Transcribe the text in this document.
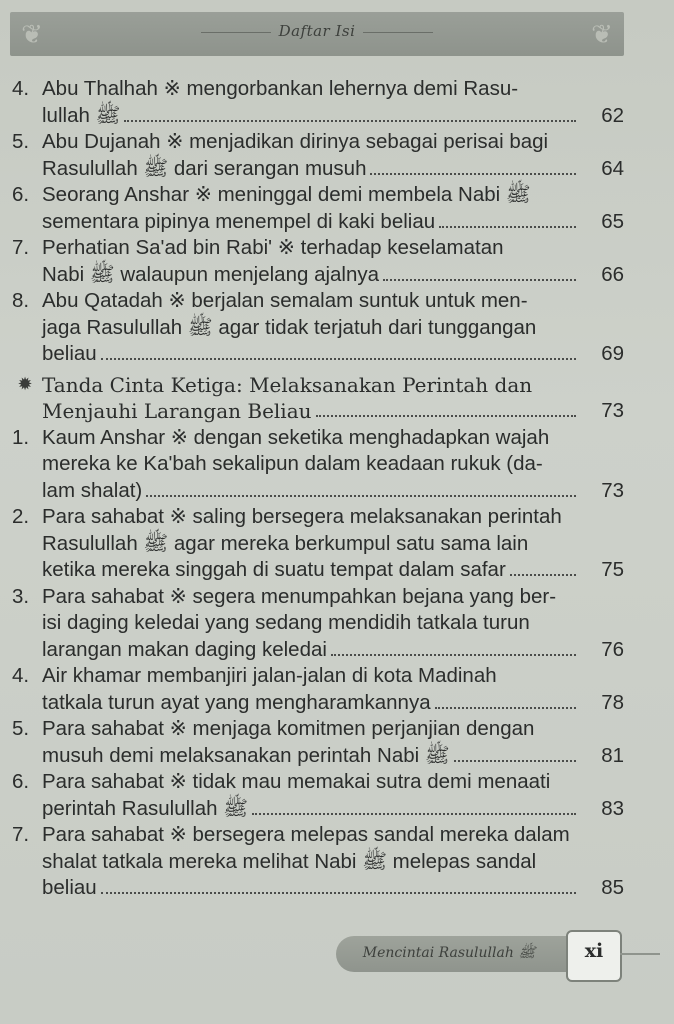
❦	❦
Daftar Isi
4. Abu Thalhah ※ mengorbankan lehernya demi Rasu-
lullah ﷺ	62
5. Abu Dujanah ※ menjadikan dirinya sebagai perisai bagi
Rasulullah ﷺ dari serangan musuh	64
6. Seorang Anshar ※ meninggal demi membela Nabi ﷺ
sementara pipinya menempel di kaki beliau	65
7. Perhatian Sa'ad bin Rabi' ※ terhadap keselamatan
Nabi ﷺ walaupun menjelang ajalnya	66
8. Abu Qatadah ※ berjalan semalam suntuk untuk men-
jaga Rasulullah ﷺ agar tidak terjatuh dari tunggangan
beliau	69
✹ Tanda Cinta Ketiga: Melaksanakan Perintah dan
Menjauhi Larangan Beliau	73
1. Kaum Anshar ※ dengan seketika menghadapkan wajah
mereka ke Ka'bah sekalipun dalam keadaan rukuk (da-
lam shalat)	73
2. Para sahabat ※ saling bersegera melaksanakan perintah
Rasulullah ﷺ agar mereka berkumpul satu sama lain
ketika mereka singgah di suatu tempat dalam safar	75
3. Para sahabat ※ segera menumpahkan bejana yang ber-
isi daging keledai yang sedang mendidih tatkala turun
larangan makan daging keledai	76
4. Air khamar membanjiri jalan-jalan di kota Madinah
tatkala turun ayat yang mengharamkannya	78
5. Para sahabat ※ menjaga komitmen perjanjian dengan
musuh demi melaksanakan perintah Nabi ﷺ	81
6. Para sahabat ※ tidak mau memakai sutra demi menaati
perintah Rasulullah ﷺ	83
7. Para sahabat ※ bersegera melepas sandal mereka dalam
shalat tatkala mereka melihat Nabi ﷺ melepas sandal
beliau	85
Mencintai Rasulullah ﷺ	xi
